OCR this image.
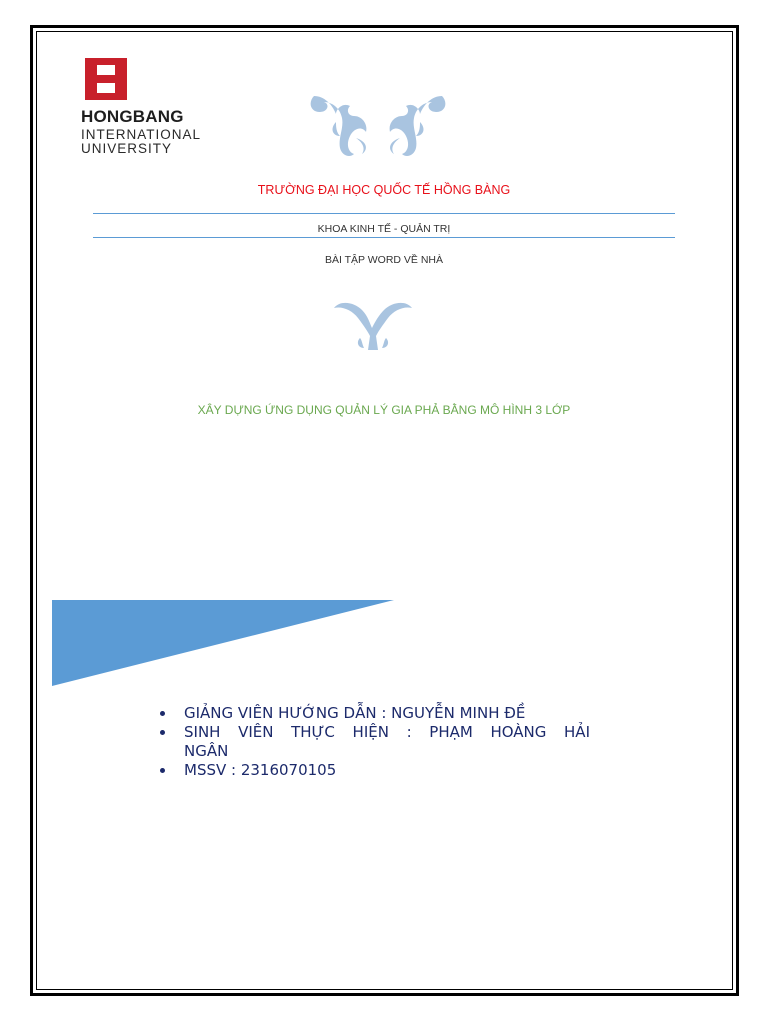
HONGBANG
INTERNATIONAL
UNIVERSITY
TRƯỜNG ĐẠI HỌC QUỐC TẾ HỒNG BÀNG
KHOA KINH TẾ - QUẢN TRỊ
BÀI TẬP WORD VỀ NHÀ
XÂY DỰNG ỨNG DỤNG QUẢN LÝ GIA PHẢ BẰNG MÔ HÌNH 3 LỚP
GIẢNG VIÊN HƯỚNG DẪN : NGUYỄN MINH ĐỀ
SINH VIÊN THỰC HIỆN : PHẠM HOÀNG HẢI
NGÂN
MSSV : 2316070105
